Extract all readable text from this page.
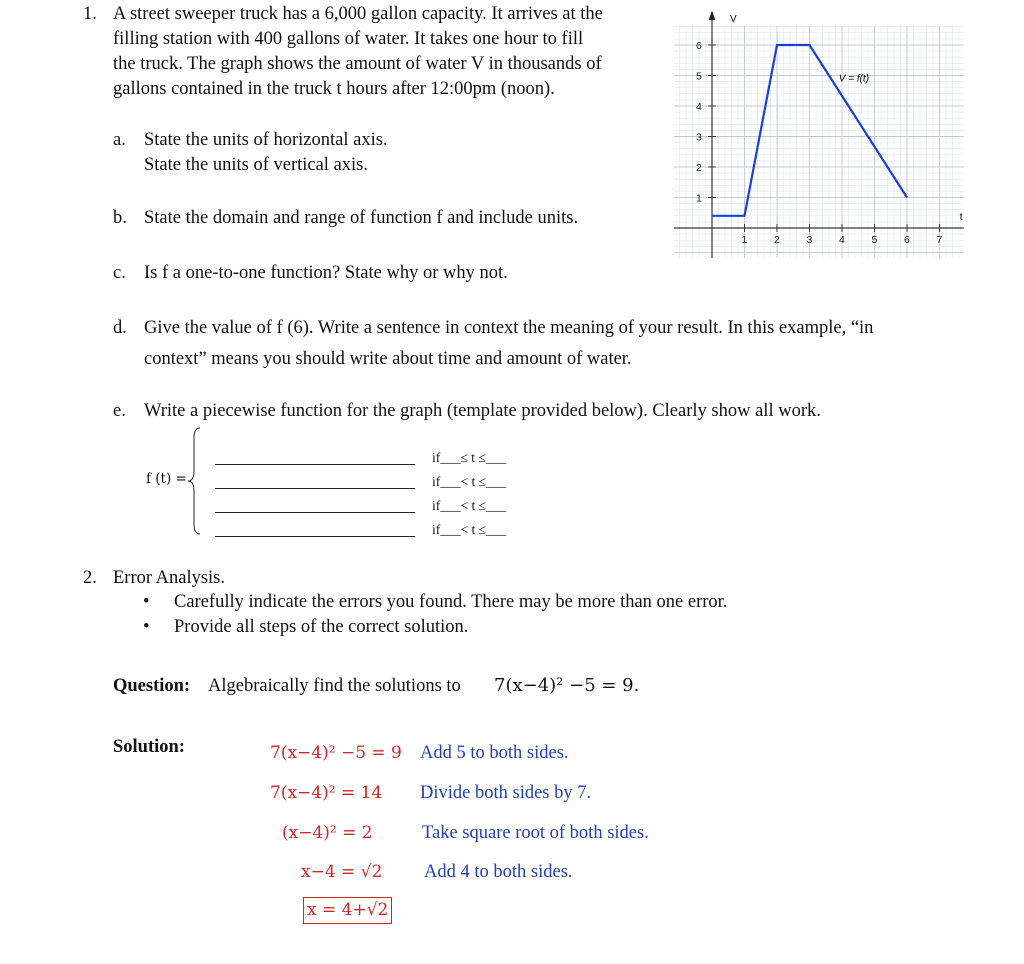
1. A street sweeper truck has a 6,000 gallon capacity. It arrives at the
filling station with 400 gallons of water. It takes one hour to fill
the truck. The graph shows the amount of water V in thousands of
gallons contained in the truck t hours after 12:00pm (noon).
a. State the units of horizontal axis.
State the units of vertical axis.
b. State the domain and range of function f and include units.
c. Is f a one-to-one function? State why or why not.
d. Give the value of f (6). Write a sentence in context the meaning of your result. In this example, “in
context” means you should write about time and amount of water.
e. Write a piecewise function for the graph (template provided below). Clearly show all work.
f (t) =
if___≤ t ≤___
if___< t ≤___
if___< t ≤___
if___< t ≤___
V
t
1	2	3	4	5	6	7
1
2
3
4
5
6
V = f(t)
2. Error Analysis.
• Carefully indicate the errors you found. There may be more than one error.
• Provide all steps of the correct solution.
Question: Algebraically find the solutions to 7(x−4)² −5 = 9.
Solution:	7(x−4)² −5 = 9 Add 5 to both sides.
7(x−4)² = 14 Divide both sides by 7.
(x−4)² = 2	Take square root of both sides.
x−4 = √2 Add 4 to both sides.
x = 4+√2
